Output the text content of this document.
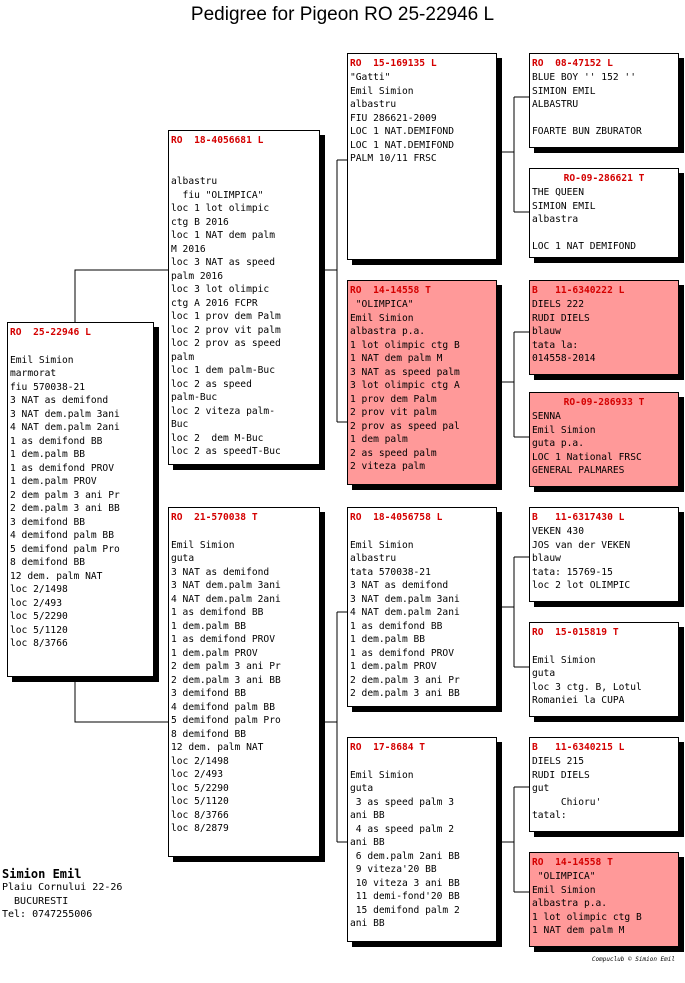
Pedigree for Pigeon RO 25-22946 L
RO  25-22946 L
Emil Simion
marmorat
fiu 570038-21
3 NAT as demifond
3 NAT dem.palm 3ani
4 NAT dem.palm 2ani
1 as demifond BB
1 dem.palm BB
1 as demifond PROV
1 dem.palm PROV
2 dem palm 3 ani Pr
2 dem.palm 3 ani BB
3 demifond BB
4 demifond palm BB
5 demifond palm Pro
8 demifond BB
12 dem. palm NAT
loc 2/1498
loc 2/493
loc 5/2290
loc 5/1120
loc 8/3766
RO  18-4056681 L
albastru
fiu "OLIMPICA"
loc 1 lot olimpic
ctg B 2016
loc 1 NAT dem palm
M 2016
loc 3 NAT as speed
palm 2016
loc 3 lot olimpic
ctg A 2016 FCPR
loc 1 prov dem Palm
loc 2 prov vit palm
loc 2 prov as speed
palm
loc 1 dem palm-Buc
loc 2 as speed
palm-Buc
loc 2 viteza palm-
Buc
loc 2  dem M-Buc
loc 2 as speedT-Buc
RO  21-570038 T
Emil Simion
guta
3 NAT as demifond
3 NAT dem.palm 3ani
4 NAT dem.palm 2ani
1 as demifond BB
1 dem.palm BB
1 as demifond PROV
1 dem.palm PROV
2 dem palm 3 ani Pr
2 dem.palm 3 ani BB
3 demifond BB
4 demifond palm BB
5 demifond palm Pro
8 demifond BB
12 dem. palm NAT
loc 2/1498
loc 2/493
loc 5/2290
loc 5/1120
loc 8/3766
loc 8/2879
RO  15-169135 L
"Gatti"
Emil Simion
albastru
FIU 286621-2009
LOC 1 NAT.DEMIFOND
LOC 1 NAT.DEMIFOND
PALM 10/11 FRSC
RO  14-14558 T
"OLIMPICA"
Emil Simion
albastra p.a.
1 lot olimpic ctg B
1 NAT dem palm M
3 NAT as speed palm
3 lot olimpic ctg A
1 prov dem Palm
2 prov vit palm
2 prov as speed pal
1 dem palm
2 as speed palm
2 viteza palm
RO  18-4056758 L
Emil Simion
albastru
tata 570038-21
3 NAT as demifond
3 NAT dem.palm 3ani
4 NAT dem.palm 2ani
1 as demifond BB
1 dem.palm BB
1 as demifond PROV
1 dem.palm PROV
2 dem.palm 3 ani Pr
2 dem.palm 3 ani BB
RO  17-8684 T
Emil Simion
guta
3 as speed palm 3
ani BB
4 as speed palm 2
ani BB
6 dem.palm 2ani BB
9 viteza'20 BB
10 viteza 3 ani BB
11 demi-fond'20 BB
15 demifond palm 2
ani BB
RO  08-47152 L
BLUE BOY '' 152 ''
SIMION EMIL
ALBASTRU
FOARTE BUN ZBURATOR
RO-09-286621 T
THE QUEEN
SIMION EMIL
albastra
LOC 1 NAT DEMIFOND
B   11-6340222 L
DIELS 222
RUDI DIELS
blauw
tata la:
014558-2014
RO-09-286933 T
SENNA
Emil Simion
guta p.a.
LOC 1 National FRSC
GENERAL PALMARES
B   11-6317430 L
VEKEN 430
JOS van der VEKEN
blauw
tata: 15769-15
loc 2 lot OLIMPIC
RO  15-015819 T
Emil Simion
guta
loc 3 ctg. B, Lotul
Romaniei la CUPA
B   11-6340215 L
DIELS 215
RUDI DIELS
gut
Chioru'
tatal:
RO  14-14558 T
"OLIMPICA"
Emil Simion
albastra p.a.
1 lot olimpic ctg B
1 NAT dem palm M
Simion Emil
Plaiu Cornului 22-26
BUCURESTI
Tel: 0747255006
Compuclub © Simion Emil
